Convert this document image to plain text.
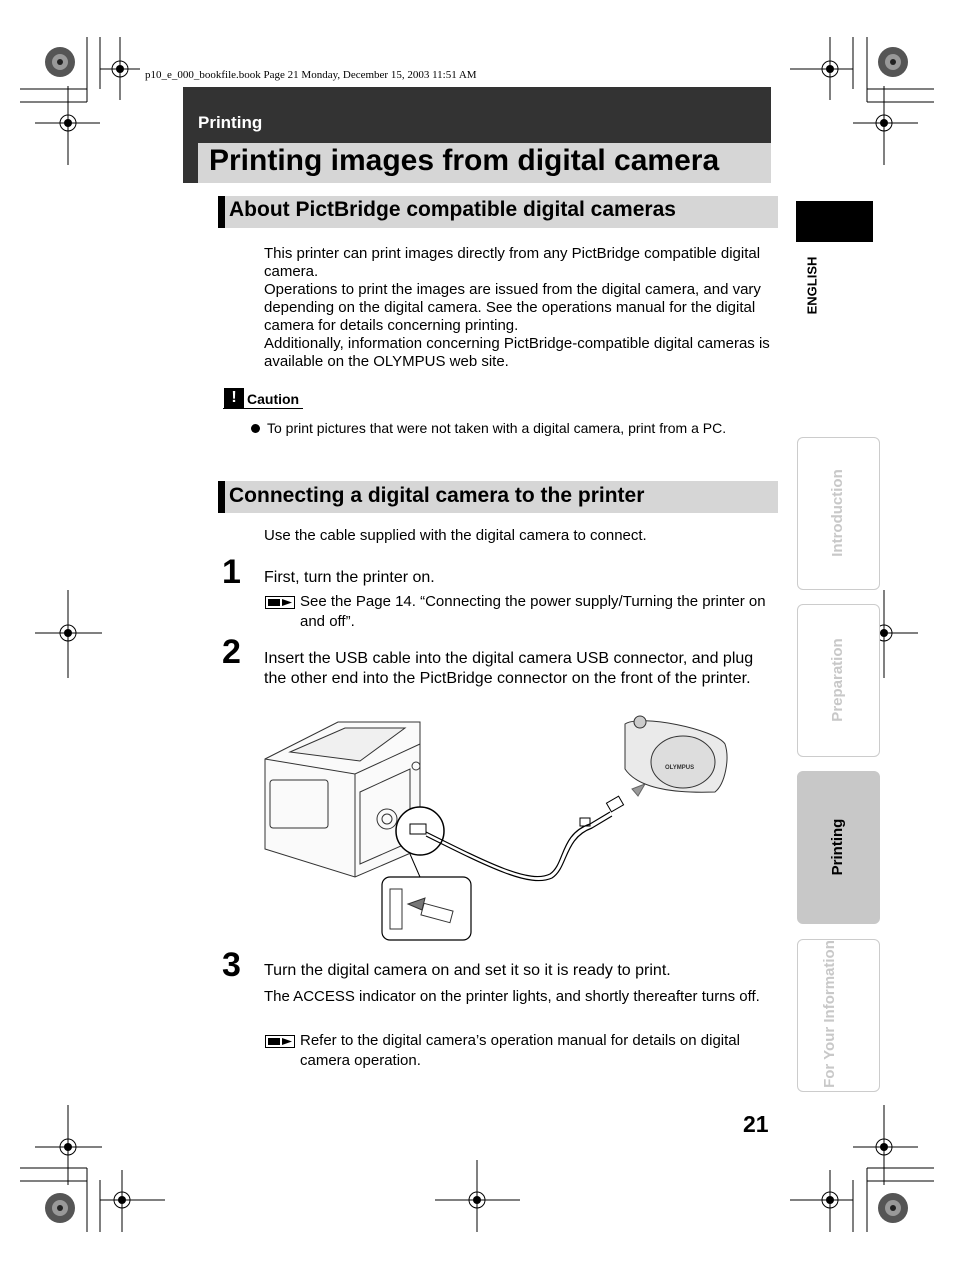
p10_e_000_bookfile.book Page 21 Monday, December 15, 2003 11:51 AM
Printing
Printing images from digital camera
About PictBridge compatible digital cameras
This printer can print images directly from any PictBridge compatible digital camera.
Operations to print the images are issued from the digital camera, and vary depending on the digital camera. See the operations manual for the digital camera for details concerning printing.
Additionally, information concerning PictBridge-compatible digital cameras is available on the OLYMPUS web site.
! Caution
To print pictures that were not taken with a digital camera, print from a PC.
Connecting a digital camera to the printer
Use the cable supplied with the digital camera to connect.
1 First, turn the printer on.
See the Page 14. “Connecting the power supply/Turning the printer on and off”.
2 Insert the USB cable into the digital camera USB connector, and plug the other end into the PictBridge connector on the front of the printer.
OLYMPUS
3 Turn the digital camera on and set it so it is ready to print.
The ACCESS indicator on the printer lights, and shortly thereafter turns off.
Refer to the digital camera’s operation manual for details on digital camera operation.
ENGLISH
Introduction
Preparation
Printing
For Your Information
21
